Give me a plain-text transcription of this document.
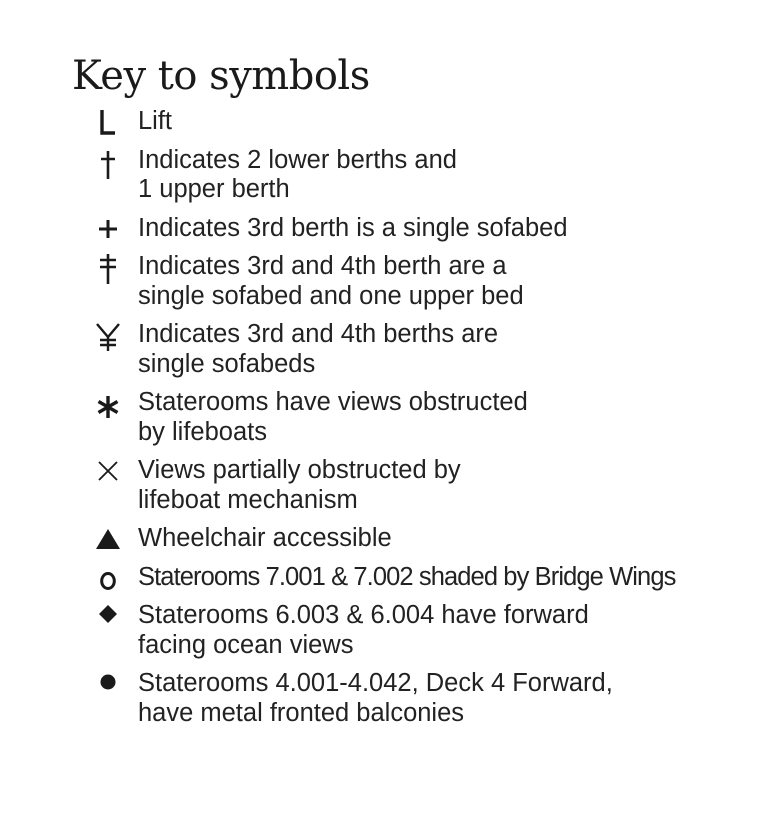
Key to symbols
Lift
Indicates 2 lower berths and
1 upper berth
Indicates 3rd berth is a single sofabed
Indicates 3rd and 4th berth are a
single sofabed and one upper bed
Indicates 3rd and 4th berths are
single sofabeds
Staterooms have views obstructed
by lifeboats
Views partially obstructed by
lifeboat mechanism
Wheelchair accessible
Staterooms 7.001 & 7.002 shaded by Bridge Wings
Staterooms 6.003 & 6.004 have forward
facing ocean views
Staterooms 4.001-4.042, Deck 4 Forward,
have metal fronted balconies
